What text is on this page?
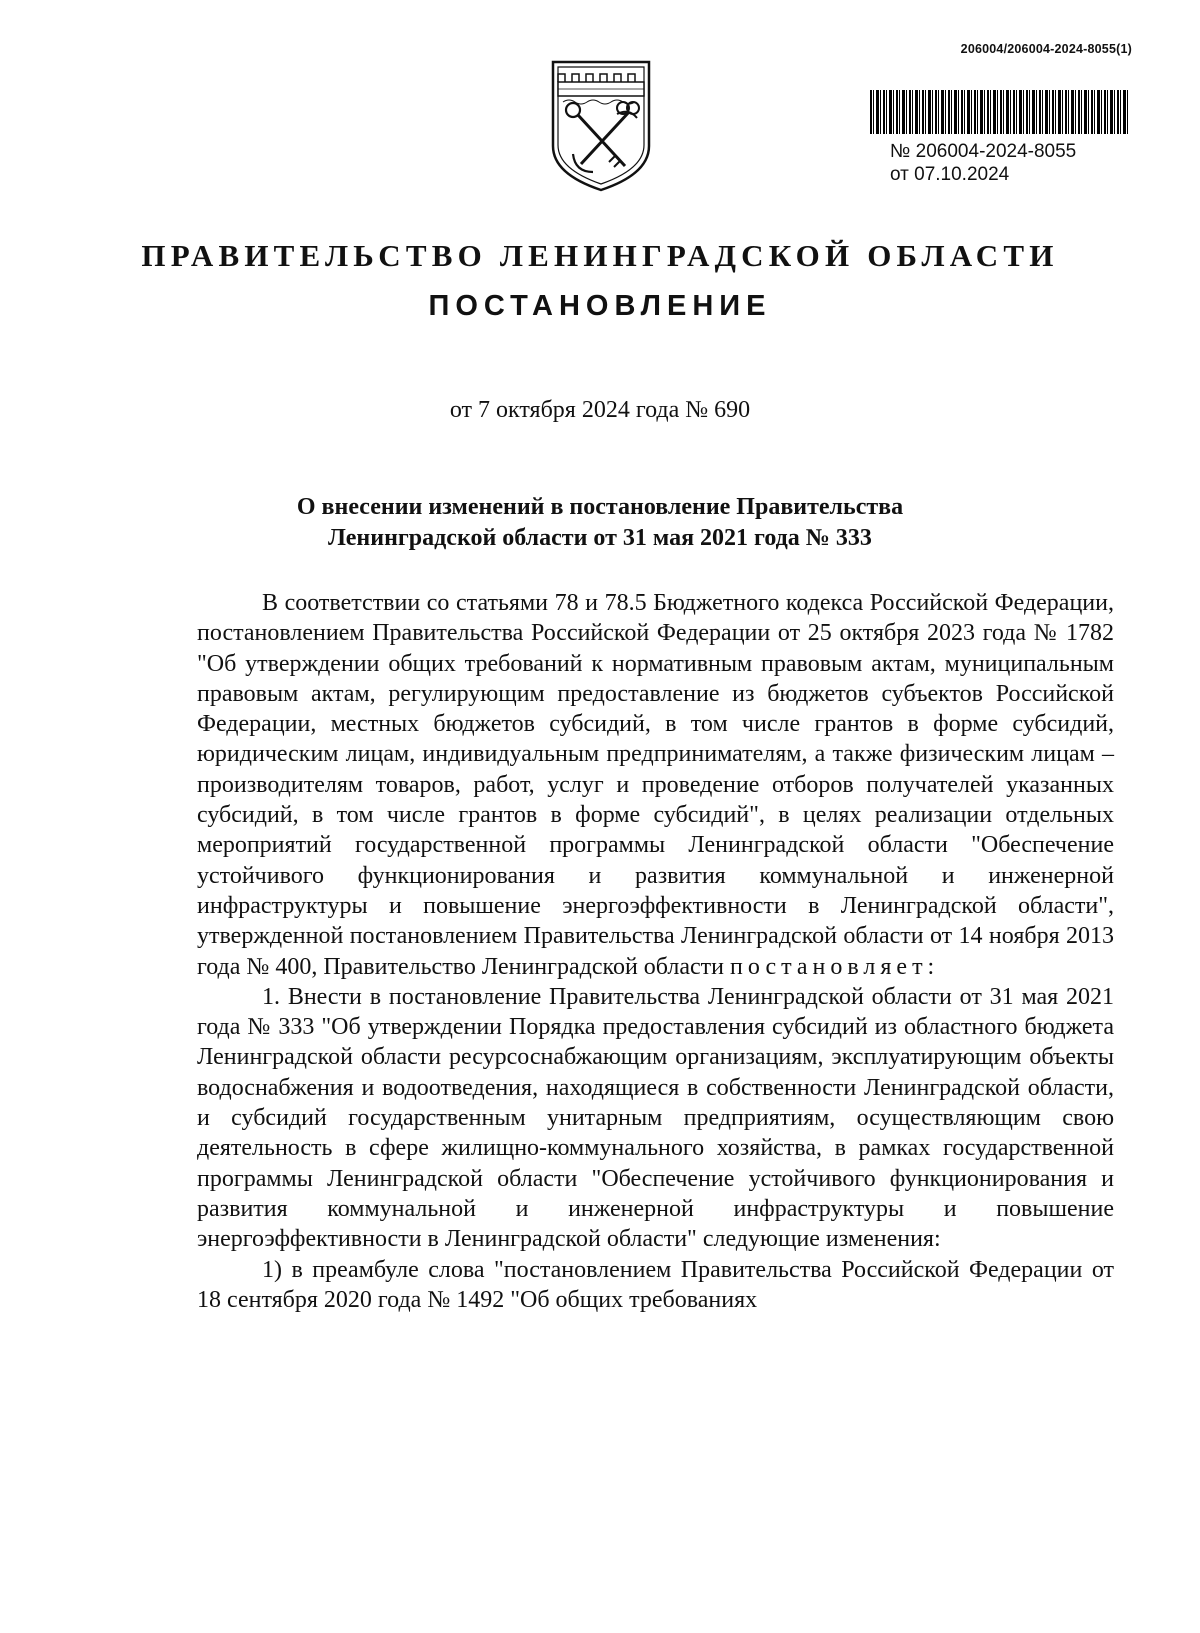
206004/206004-2024-8055(1)
№ 206004-2024-8055
от 07.10.2024
ПРАВИТЕЛЬСТВО ЛЕНИНГРАДСКОЙ ОБЛАСТИ
ПОСТАНОВЛЕНИЕ
от 7 октября 2024 года № 690
О внесении изменений в постановление Правительства
Ленинградской области от 31 мая 2021 года № 333

В соответствии со статьями 78 и 78.5 Бюджетного кодекса Российской Федерации, постановлением Правительства Российской Федерации от 25 октября 2023 года № 1782 "Об утверждении общих требований к нормативным правовым актам, муниципальным правовым актам, регулирующим предоставление из бюджетов субъектов Российской Федерации, местных бюджетов субсидий, в том числе грантов в форме субсидий, юридическим лицам, индивидуальным предпринимателям, а также физическим лицам – производителям товаров, работ, услуг и проведение отборов получателей указанных субсидий, в том числе грантов в форме субсидий", в целях реализации отдельных мероприятий государственной программы Ленинградской области "Обеспечение устойчивого функционирования и развития коммунальной и инженерной инфраструктуры и повышение энергоэффективности в Ленинградской области", утвержденной постановлением Правительства Ленинградской области от 14 ноября 2013 года № 400, Правительство Ленинградской области постановляет:

1. Внести в постановление Правительства Ленинградской области от 31 мая 2021 года № 333 "Об утверждении Порядка предоставления субсидий из областного бюджета Ленинградской области ресурсоснабжающим организациям, эксплуатирующим объекты водоснабжения и водоотведения, находящиеся в собственности Ленинградской области, и субсидий государственным унитарным предприятиям, осуществляющим свою деятельность в сфере жилищно-коммунального хозяйства, в рамках государственной программы Ленинградской области "Обеспечение устойчивого функционирования и развития коммунальной и инженерной инфраструктуры и повышение энергоэффективности в Ленинградской области" следующие изменения:

1) в преамбуле слова "постановлением Правительства Российской Федерации от 18 сентября 2020 года № 1492 "Об общих требованиях
